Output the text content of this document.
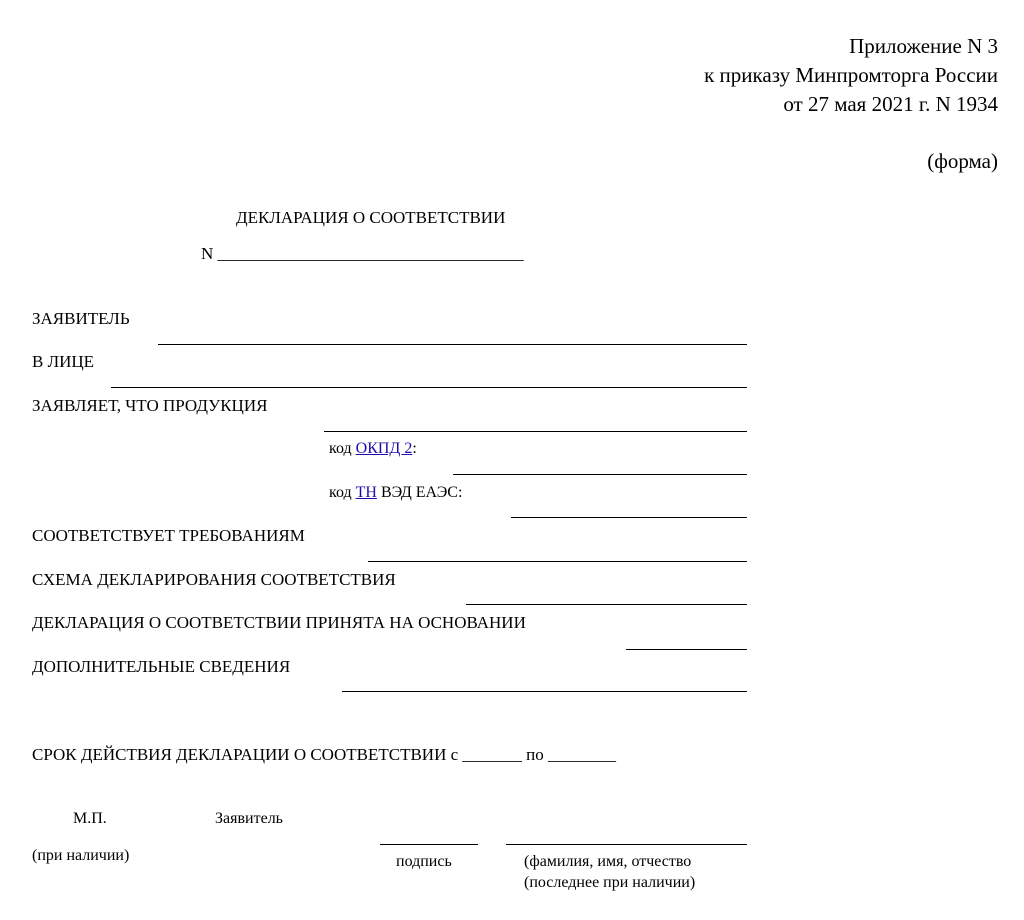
Приложение N 3
к приказу Минпромторга России
от 27 мая 2021 г. N 1934
(форма)
ДЕКЛАРАЦИЯ О СООТВЕТСТВИИ
N ____________________________________
ЗАЯВИТЕЛЬ
В ЛИЦЕ
ЗАЯВЛЯЕТ, ЧТО ПРОДУКЦИЯ
код ОКПД 2:
код ТН ВЭД ЕАЭС:
СООТВЕТСТВУЕТ ТРЕБОВАНИЯМ
СХЕМА ДЕКЛАРИРОВАНИЯ СООТВЕТСТВИЯ
ДЕКЛАРАЦИЯ О СООТВЕТСТВИИ ПРИНЯТА НА ОСНОВАНИИ
ДОПОЛНИТЕЛЬНЫЕ СВЕДЕНИЯ
СРОК ДЕЙСТВИЯ ДЕКЛАРАЦИИ О СООТВЕТСТВИИ с _______ по ________
М.П.	Заявитель
(при наличии)	подпись	(фамилия, имя, отчество
(последнее при наличии)
